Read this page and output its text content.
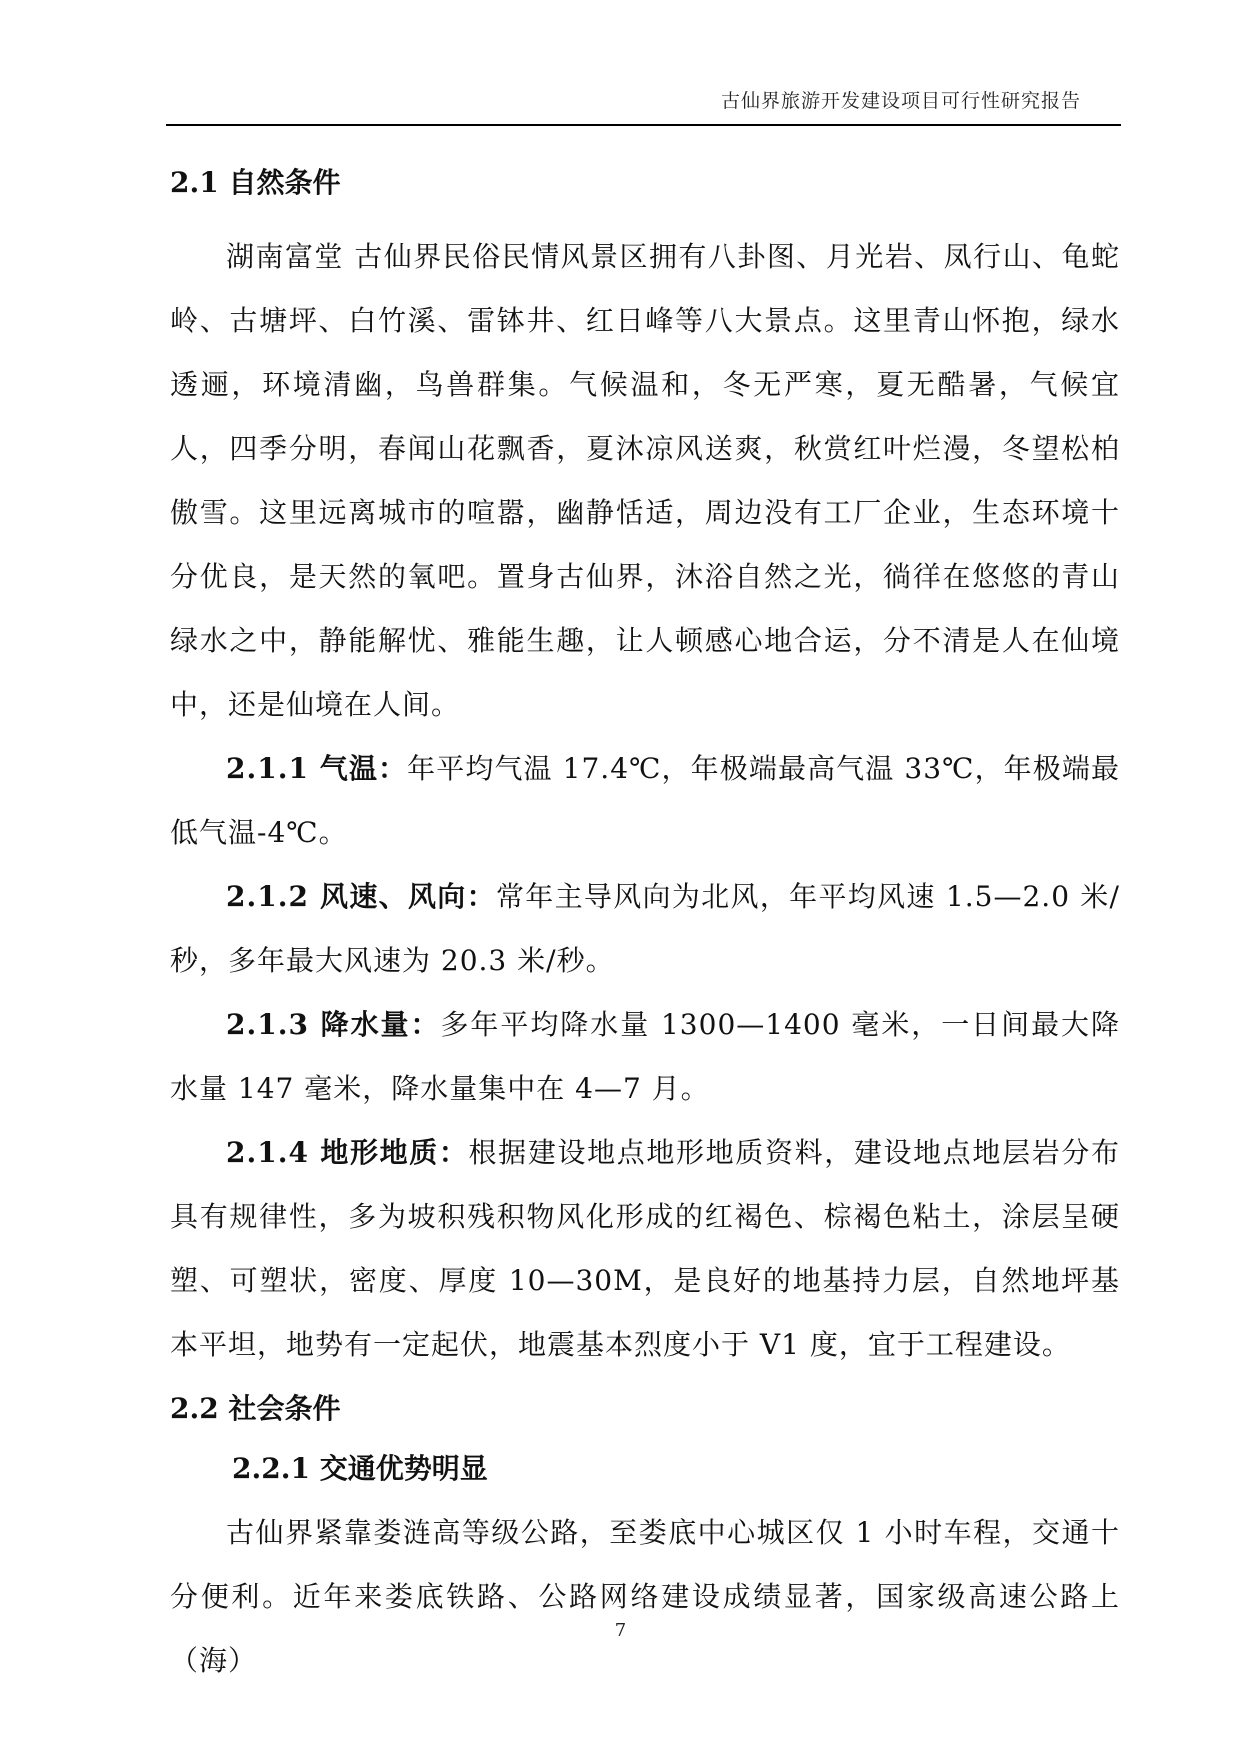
古仙界旅游开发建设项目可行性研究报告
2.1 自然条件

湖南富堂 古仙界民俗民情风景区拥有八卦图、月光岩、凤行山、龟蛇岭、古塘坪、白竹溪、雷钵井、红日峰等八大景点。这里青山怀抱，绿水透逦，环境清幽，鸟兽群集。气候温和，冬无严寒，夏无酷暑，气候宜人，四季分明，春闻山花飘香，夏沐凉风送爽，秋赏红叶烂漫，冬望松柏傲雪。这里远离城市的喧嚣，幽静恬适，周边没有工厂企业，生态环境十分优良，是天然的氧吧。置身古仙界，沐浴自然之光，徜徉在悠悠的青山绿水之中，静能解忧、雅能生趣，让人顿感心地合运，分不清是人在仙境中，还是仙境在人间。

2.1.1 气温：年平均气温 17.4℃，年极端最高气温 33℃，年极端最低气温-4℃。

2.1.2 风速、风向：常年主导风向为北风，年平均风速 1.5—2.0 米/秒，多年最大风速为 20.3 米/秒。

2.1.3 降水量：多年平均降水量 1300—1400 毫米，一日间最大降水量 147 毫米，降水量集中在 4—7 月。

2.1.4 地形地质：根据建设地点地形地质资料，建设地点地层岩分布具有规律性，多为坡积残积物风化形成的红褐色、棕褐色粘土，涂层呈硬塑、可塑状，密度、厚度 10—30M，是良好的地基持力层，自然地坪基本平坦，地势有一定起伏，地震基本烈度小于 V1 度，宜于工程建设。

2.2 社会条件
2.2.1 交通优势明显

古仙界紧靠娄涟高等级公路，至娄底中心城区仅 1 小时车程，交通十分便利。近年来娄底铁路、公路网络建设成绩显著，国家级高速公路上（海）

7
